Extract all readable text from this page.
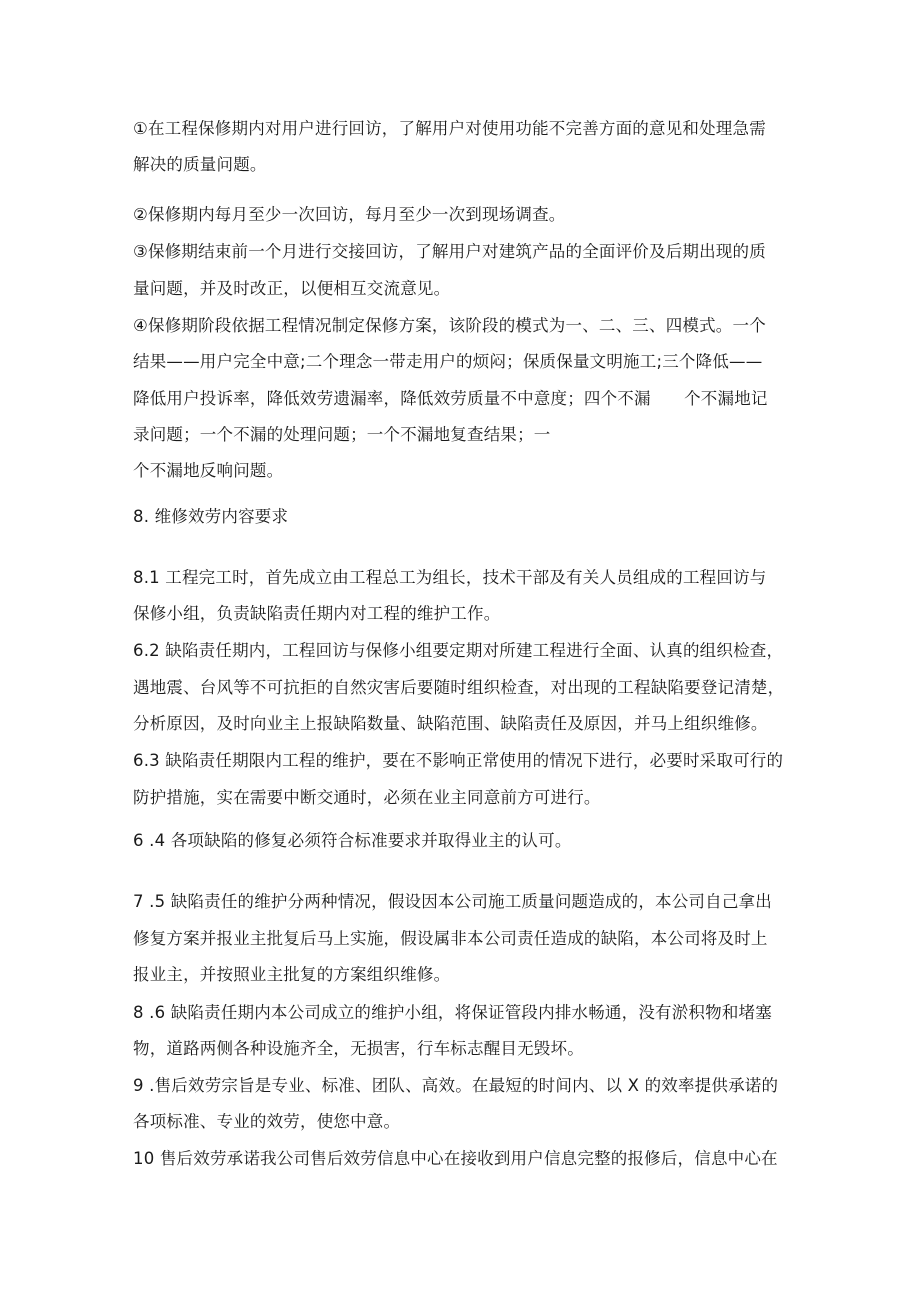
①在工程保修期内对用户进行回访，了解用户对使用功能不完善方面的意见和处理急需
解决的质量问题。
②保修期内每月至少一次回访，每月至少一次到现场调查。
③保修期结束前一个月进行交接回访，了解用户对建筑产品的全面评价及后期出现的质
量问题，并及时改正，以便相互交流意见。
④保修期阶段依据工程情况制定保修方案，该阶段的模式为一、二、三、四模式。一个
结果——用户完全中意;二个理念一带走用户的烦闷；保质保量文明施工;三个降低——
降低用户投诉率，降低效劳遗漏率，降低效劳质量不中意度；四个不漏　　个不漏地记
录问题；一个不漏的处理问题；一个不漏地复查结果；一
个不漏地反响问题。
8. 维修效劳内容要求
8.1 工程完工时，首先成立由工程总工为组长，技术干部及有关人员组成的工程回访与
保修小组，负责缺陷责任期内对工程的维护工作。
6.2 缺陷责任期内，工程回访与保修小组要定期对所建工程进行全面、认真的组织检查，
遇地震、台风等不可抗拒的自然灾害后要随时组织检查，对出现的工程缺陷要登记清楚，
分析原因，及时向业主上报缺陷数量、缺陷范围、缺陷责任及原因，并马上组织维修。
6.3 缺陷责任期限内工程的维护，要在不影响正常使用的情况下进行，必要时采取可行的
防护措施，实在需要中断交通时，必须在业主同意前方可进行。
6 .4 各项缺陷的修复必须符合标准要求并取得业主的认可。
7 .5 缺陷责任的维护分两种情况，假设因本公司施工质量问题造成的，本公司自己拿出
修复方案并报业主批复后马上实施，假设属非本公司责任造成的缺陷，本公司将及时上
报业主，并按照业主批复的方案组织维修。
8 .6 缺陷责任期内本公司成立的维护小组，将保证管段内排水畅通，没有淤积物和堵塞
物，道路两侧各种设施齐全，无损害，行车标志醒目无毁坏。
9 .售后效劳宗旨是专业、标准、团队、高效。在最短的时间内、以 X 的效率提供承诺的
各项标准、专业的效劳，使您中意。
10 售后效劳承诺我公司售后效劳信息中心在接收到用户信息完整的报修后，信息中心在
